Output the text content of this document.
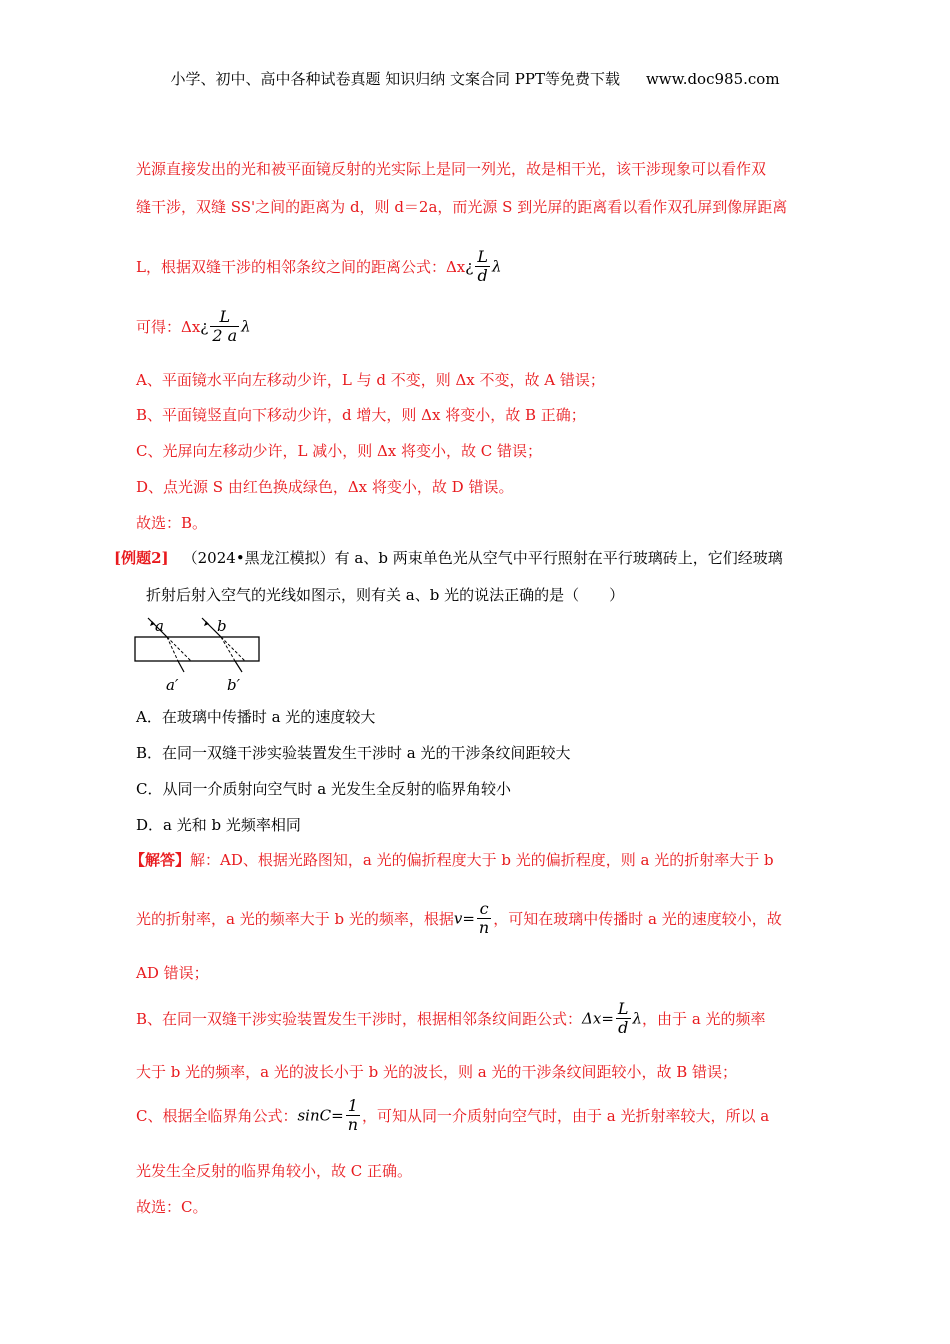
小学、初中、高中各种试卷真题 知识归纳 文案合同 PPT等免费下载 www.doc985.com
光源直接发出的光和被平面镜反射的光实际上是同一列光，故是相干光，该干涉现象可以看作双
缝干涉，双缝 SS'之间的距离为 d，则 d＝2a，而光源 S 到光屏的距离看以看作双孔屏到像屏距离
L，根据双缝干涉的相邻条纹之间的距离公式：Δx¿ $\frac{L}{d}$ λ
可得：Δx¿ $\frac{L}{2 a}$ λ
A、平面镜水平向左移动少许，L 与 d 不变，则 Δx 不变，故 A 错误；
B、平面镜竖直向下移动少许，d 增大，则 Δx 将变小，故 B 正确；
C、光屏向左移动少许，L 减小，则 Δx 将变小，故 C 错误；
D、点光源 S 由红色换成绿色，Δx 将变小，故 D 错误。
故选：B。
[例题2] （2024•黑龙江模拟）有 a、b 两束单色光从空气中平行照射在平行玻璃砖上，它们经玻璃
折射后射入空气的光线如图示，则有关 a、b 光的说法正确的是（　　）
a	b
a′	b′
A．在玻璃中传播时 a 光的速度较大
B．在同一双缝干涉实验装置发生干涉时 a 光的干涉条纹间距较大
C．从同一介质射向空气时 a 光发生全反射的临界角较小
D．a 光和 b 光频率相同
【解答】解：AD、根据光路图知，a 光的偏折程度大于 b 光的偏折程度，则 a 光的折射率大于 b
光的折射率，a 光的频率大于 b 光的频率，根据$v= \frac{c}{n}$ ，可知在玻璃中传播时 a 光的速度较小，故
AD 错误；
B、在同一双缝干涉实验装置发生干涉时，根据相邻条纹间距公式：$\Delta x= \frac{L}{d}$ λ，由于 a 光的频率
大于 b 光的频率，a 光的波长小于 b 光的波长，则 a 光的干涉条纹间距较小，故 B 错误；
C、根据全临界角公式：$\sin C= \frac{1}{n}$ ，可知从同一介质射向空气时，由于 a 光折射率较大，所以 a
光发生全反射的临界角较小，故 C 正确。
故选：C。
